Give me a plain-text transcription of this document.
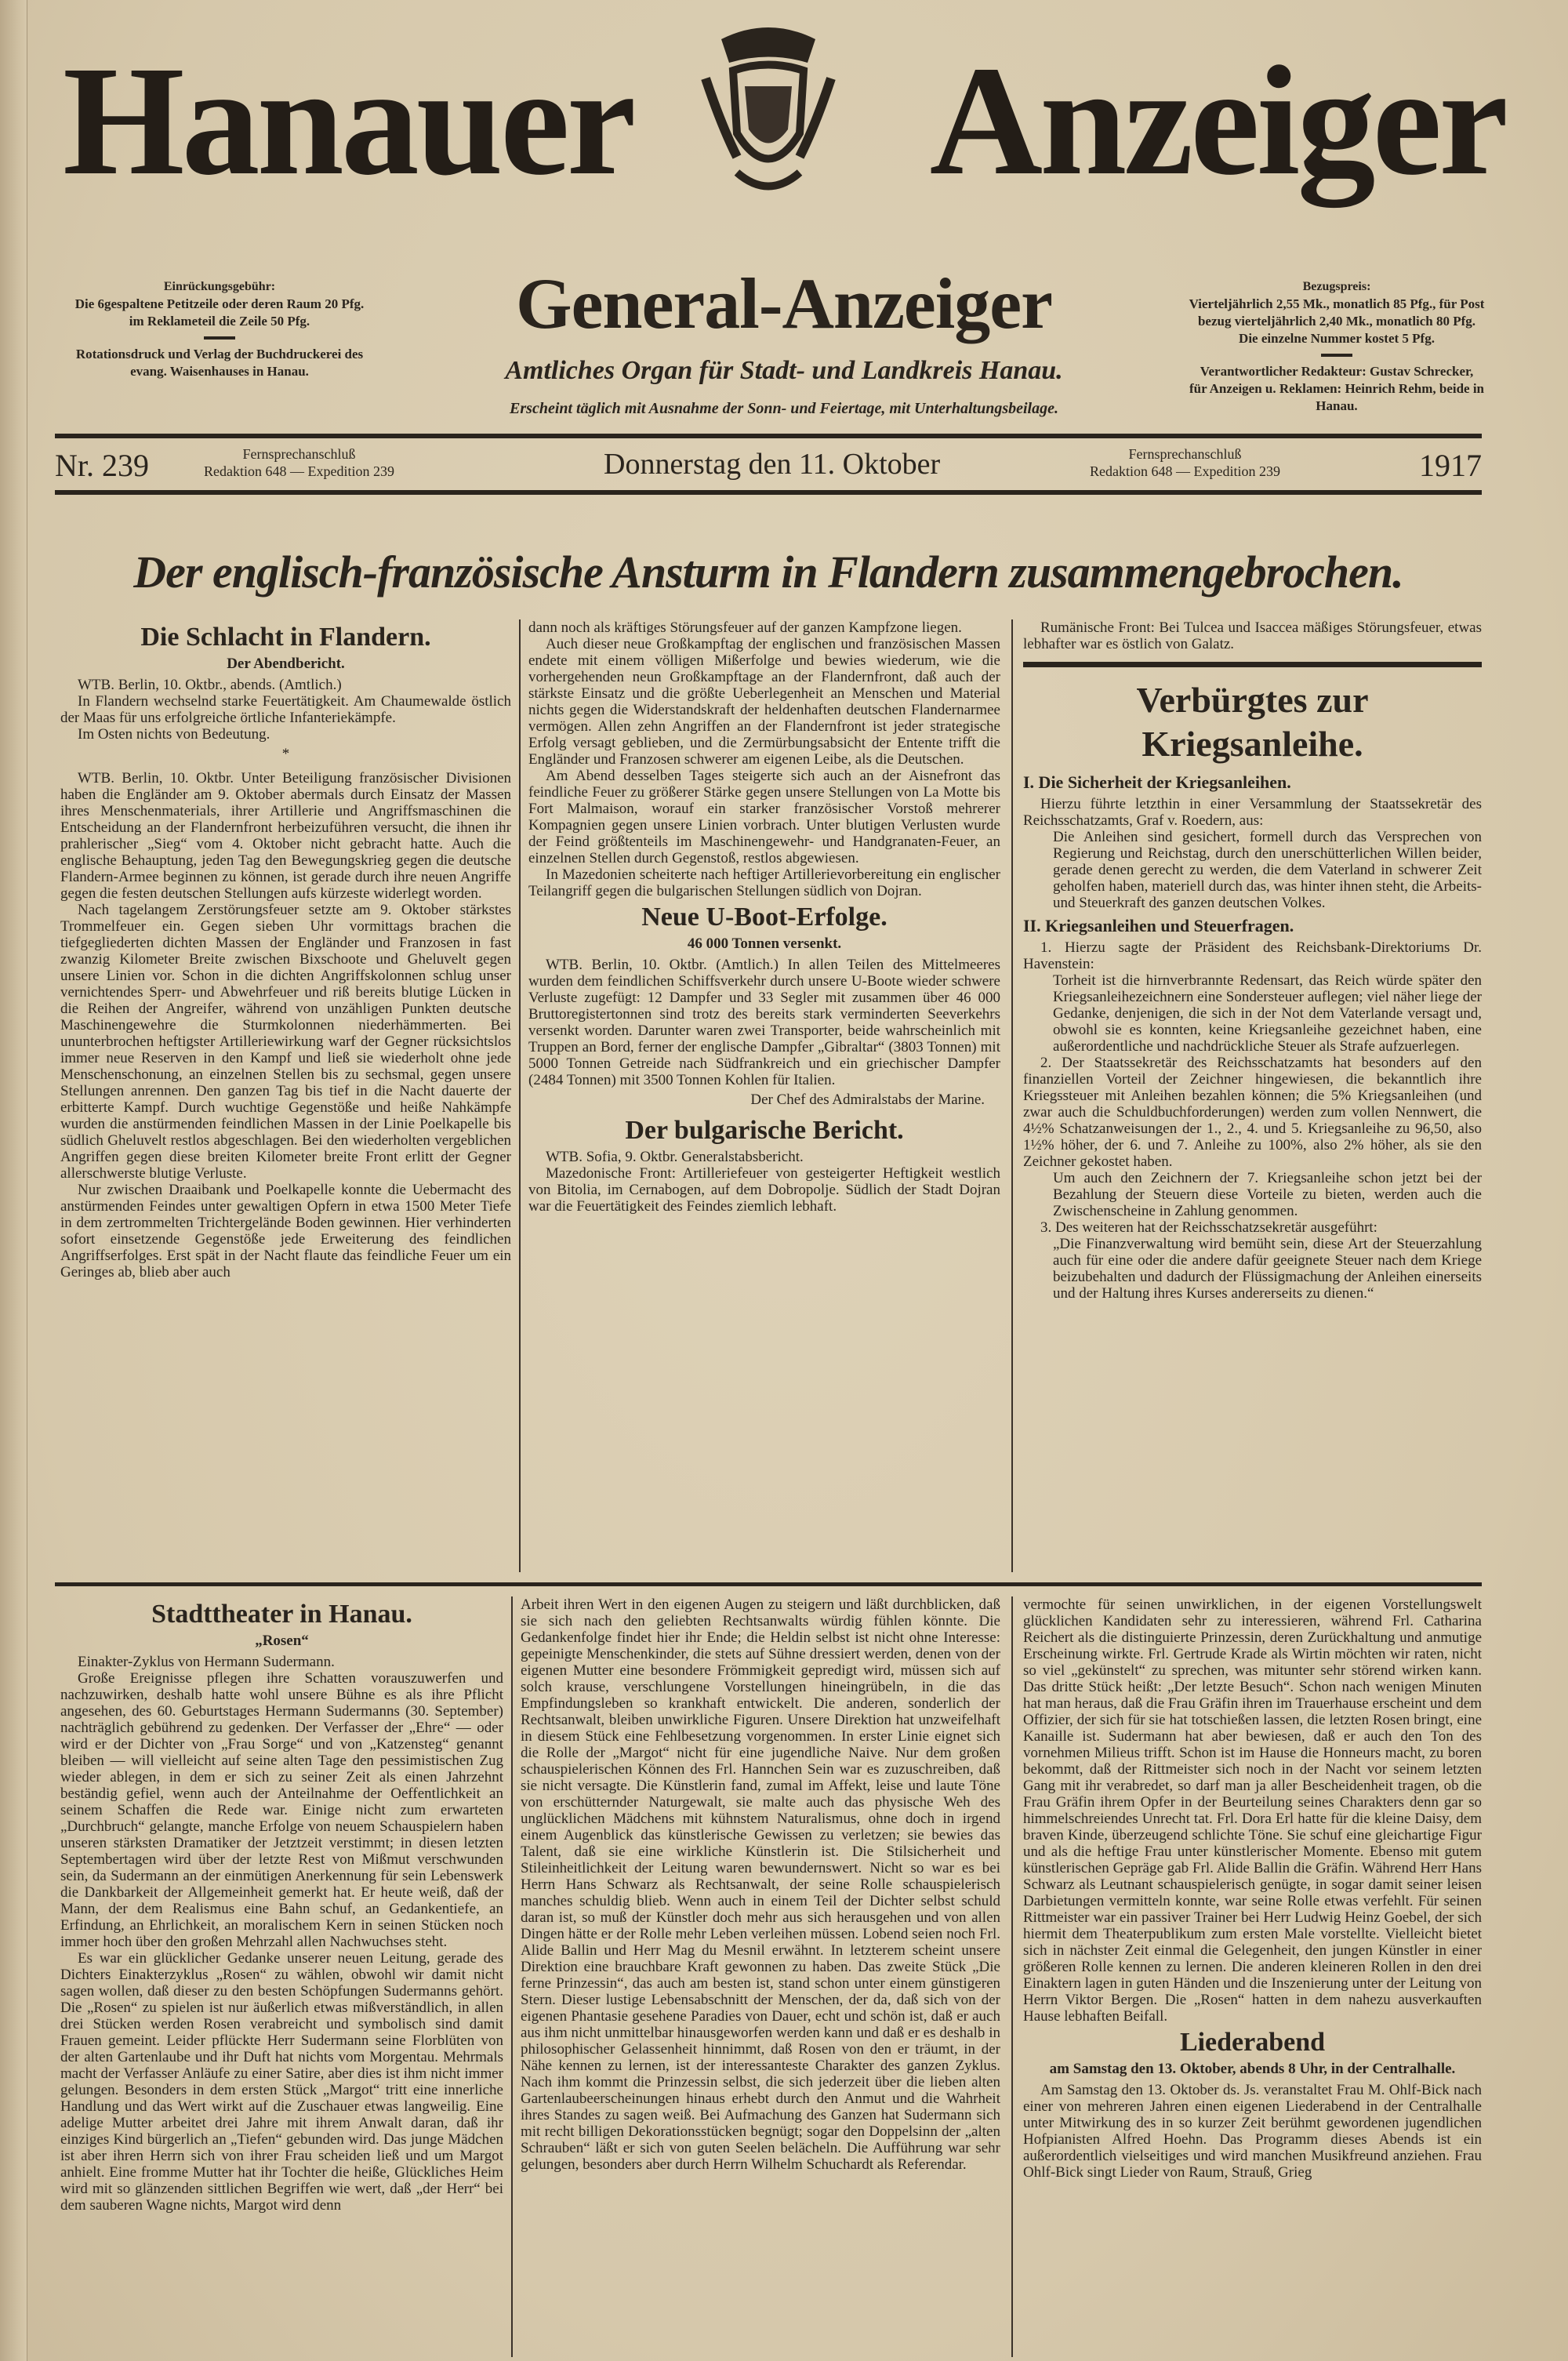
Hanauer Anzeiger
General-Anzeiger
Amtliches Organ für Stadt- und Landkreis Hanau.
Erscheint täglich mit Ausnahme der Sonn- und Feiertage, mit Unterhaltungsbeilage.
Einrückungsgebühr:
Die 6gespaltene Petitzeile oder deren Raum 20 Pfg.
im Reklameteil die Zeile 50 Pfg.
Rotationsdruck und Verlag der Buchdruckerei des
evang. Waisenhauses in Hanau.
Bezugspreis:
Vierteljährlich 2,55 Mk., monatlich 85 Pfg., für Post
bezug vierteljährlich 2,40 Mk., monatlich 80 Pfg.
Die einzelne Nummer kostet 5 Pfg.
Verantwortlicher Redakteur: Gustav Schrecker,
für Anzeigen u. Reklamen: Heinrich Rehm, beide in Hanau.
Nr. 239	Fernsprechanschluß
Redaktion 648 — Expedition 239	Donnerstag den 11. Oktober	Fernsprechanschluß
Redaktion 648 — Expedition 239	1917
Der englisch-französische Ansturm in Flandern zusammengebrochen.

Die Schlacht in Flandern.

Der Abendbericht.

WTB. Berlin, 10. Oktbr., abends. (Amtlich.)

In Flandern wechselnd starke Feuertätigkeit. Am Chaumewalde östlich der Maas für uns erfolgreiche örtliche Infanteriekämpfe.

Im Osten nichts von Bedeutung.

*

WTB. Berlin, 10. Oktbr. Unter Beteiligung französischer Divisionen haben die Engländer am 9. Oktober abermals durch Einsatz der Massen ihres Menschenmaterials, ihrer Artillerie und Angriffsmaschinen die Entscheidung an der Flandernfront herbeizuführen versucht, die ihnen ihr prahlerischer „Sieg“ vom 4. Oktober nicht gebracht hatte. Auch die englische Behauptung, jeden Tag den Bewegungskrieg gegen die deutsche Flandern-Armee beginnen zu können, ist gerade durch ihre neuen Angriffe gegen die festen deutschen Stellungen aufs kürzeste widerlegt worden.

Nach tagelangem Zerstörungsfeuer setzte am 9. Oktober stärkstes Trommelfeuer ein. Gegen sieben Uhr vormittags brachen die tiefgegliederten dichten Massen der Engländer und Franzosen in fast zwanzig Kilometer Breite zwischen Bixschoote und Gheluvelt gegen unsere Linien vor. Schon in die dichten Angriffskolonnen schlug unser vernichtendes Sperr- und Abwehrfeuer und riß bereits blutige Lücken in die Reihen der Angreifer, während von unzähligen Punkten deutsche Maschinengewehre die Sturmkolonnen niederhämmerten. Bei ununterbrochen heftigster Artilleriewirkung warf der Gegner rücksichtslos immer neue Reserven in den Kampf und ließ sie wiederholt ohne jede Menschenschonung, an einzelnen Stellen bis zu sechsmal, gegen unsere Stellungen anrennen. Den ganzen Tag bis tief in die Nacht dauerte der erbitterte Kampf. Durch wuchtige Gegenstöße und heiße Nahkämpfe wurden die anstürmenden feindlichen Massen in der Linie Poelkapelle bis südlich Gheluvelt restlos abgeschlagen. Bei den wiederholten vergeblichen Angriffen gegen diese breiten Kilometer breite Front erlitt der Gegner allerschwerste blutige Verluste.

Nur zwischen Draaibank und Poelkapelle konnte die Uebermacht des anstürmenden Feindes unter gewaltigen Opfern in etwa 1500 Meter Tiefe in dem zertrommelten Trichtergelände Boden gewinnen. Hier verhinderten sofort einsetzende Gegenstöße jede Erweiterung des feindlichen Angriffserfolges. Erst spät in der Nacht flaute das feindliche Feuer um ein Geringes ab, blieb aber auch

dann noch als kräftiges Störungsfeuer auf der ganzen Kampfzone liegen.

Auch dieser neue Großkampftag der englischen und französischen Massen endete mit einem völligen Mißerfolge und bewies wiederum, wie die vorhergehenden neun Großkampftage an der Flandernfront, daß auch der stärkste Einsatz und die größte Ueberlegenheit an Menschen und Material nichts gegen die Widerstandskraft der heldenhaften deutschen Flandernarmee vermögen. Allen zehn Angriffen an der Flandernfront ist jeder strategische Erfolg versagt geblieben, und die Zermürbungsabsicht der Entente trifft die Engländer und Franzosen schwerer am eigenen Leibe, als die Deutschen.

Am Abend desselben Tages steigerte sich auch an der Aisnefront das feindliche Feuer zu größerer Stärke gegen unsere Stellungen von La Motte bis Fort Malmaison, worauf ein starker französischer Vorstoß mehrerer Kompagnien gegen unsere Linien vorbrach. Unter blutigen Verlusten wurde der Feind größtenteils im Maschinengewehr- und Handgranaten-Feuer, an einzelnen Stellen durch Gegenstoß, restlos abgewiesen.

In Mazedonien scheiterte nach heftiger Artillerievorbereitung ein englischer Teilangriff gegen die bulgarischen Stellungen südlich von Dojran.

Neue U-Boot-Erfolge.

46 000 Tonnen versenkt.

WTB. Berlin, 10. Oktbr. (Amtlich.) In allen Teilen des Mittelmeeres wurden dem feindlichen Schiffsverkehr durch unsere U-Boote wieder schwere Verluste zugefügt: 12 Dampfer und 33 Segler mit zusammen über 46 000 Bruttoregistertonnen sind trotz des bereits stark verminderten Seeverkehrs versenkt worden. Darunter waren zwei Transporter, beide wahrscheinlich mit Truppen an Bord, ferner der englische Dampfer „Gibraltar“ (3803 Tonnen) mit 5000 Tonnen Getreide nach Südfrankreich und ein griechischer Dampfer (2484 Tonnen) mit 3500 Tonnen Kohlen für Italien.

Der Chef des Admiralstabs der Marine.

Der bulgarische Bericht.

WTB. Sofia, 9. Oktbr. Generalstabsbericht.

Mazedonische Front: Artilleriefeuer von gesteigerter Heftigkeit westlich von Bitolia, im Cernabogen, auf dem Dobropolje. Südlich der Stadt Dojran war die Feuertätigkeit des Feindes ziemlich lebhaft.

Rumänische Front: Bei Tulcea und Isaccea mäßiges Störungsfeuer, etwas lebhafter war es östlich von Galatz.

Verbürgtes zur Kriegsanleihe.

I. Die Sicherheit der Kriegsanleihen.

Hierzu führte letzthin in einer Versammlung der Staatssekretär des Reichsschatzamts, Graf v. Roedern, aus:

Die Anleihen sind gesichert, formell durch das Versprechen von Regierung und Reichstag, durch den unerschütterlichen Willen beider, gerade denen gerecht zu werden, die dem Vaterland in schwerer Zeit geholfen haben, materiell durch das, was hinter ihnen steht, die Arbeits- und Steuerkraft des ganzen deutschen Volkes.

II. Kriegsanleihen und Steuerfragen.

1. Hierzu sagte der Präsident des Reichsbank-Direktoriums Dr. Havenstein:

Torheit ist die hirnverbrannte Redensart, das Reich würde später den Kriegsanleihezeichnern eine Sondersteuer auflegen; viel näher liege der Gedanke, denjenigen, die sich in der Not dem Vaterlande versagt und, obwohl sie es konnten, keine Kriegsanleihe gezeichnet haben, eine außerordentliche und nachdrückliche Steuer als Strafe aufzuerlegen.

2. Der Staatssekretär des Reichsschatzamts hat besonders auf den finanziellen Vorteil der Zeichner hingewiesen, die bekanntlich ihre Kriegssteuer mit Anleihen bezahlen können; die 5% Kriegsanleihen (und zwar auch die Schuldbuchforderungen) werden zum vollen Nennwert, die 4½% Schatzanweisungen der 1., 2., 4. und 5. Kriegsanleihe zu 96,50, also 1½% höher, der 6. und 7. Anleihe zu 100%, also 2% höher, als sie den Zeichner gekostet haben.

Um auch den Zeichnern der 7. Kriegsanleihe schon jetzt bei der Bezahlung der Steuern diese Vorteile zu bieten, werden auch die Zwischenscheine in Zahlung genommen.

3. Des weiteren hat der Reichsschatzsekretär ausgeführt:

„Die Finanzverwaltung wird bemüht sein, diese Art der Steuerzahlung auch für eine oder die andere dafür geeignete Steuer nach dem Kriege beizubehalten und dadurch der Flüssigmachung der Anleihen einerseits und der Haltung ihres Kurses andererseits zu dienen.“

Stadttheater in Hanau.

„Rosen“

Einakter-Zyklus von Hermann Sudermann.

Große Ereignisse pflegen ihre Schatten vorauszuwerfen und nachzuwirken, deshalb hatte wohl unsere Bühne es als ihre Pflicht angesehen, des 60. Geburtstages Hermann Sudermanns (30. September) nachträglich gebührend zu gedenken. Der Verfasser der „Ehre“ — oder wird er der Dichter von „Frau Sorge“ und von „Katzensteg“ genannt bleiben — will vielleicht auf seine alten Tage den pessimistischen Zug wieder ablegen, in dem er sich zu seiner Zeit als einen Jahrzehnt beständig gefiel, wenn auch der Anteilnahme der Oeffentlichkeit an seinem Schaffen die Rede war. Einige nicht zum erwarteten „Durchbruch“ gelangte, manche Erfolge von neuem Schauspielern haben unseren stärksten Dramatiker der Jetztzeit verstimmt; in diesen letzten Septembertagen wird über der letzte Rest von Mißmut verschwunden sein, da Sudermann an der einmütigen Anerkennung für sein Lebenswerk die Dankbarkeit der Allgemeinheit gemerkt hat. Er heute weiß, daß der Mann, der dem Realismus eine Bahn schuf, an Gedankentiefe, an Erfindung, an Ehrlichkeit, an moralischem Kern in seinen Stücken noch immer hoch über den großen Mehrzahl allen Nachwuchses steht.

Es war ein glücklicher Gedanke unserer neuen Leitung, gerade des Dichters Einakterzyklus „Rosen“ zu wählen, obwohl wir damit nicht sagen wollen, daß dieser zu den besten Schöpfungen Sudermanns gehört. Die „Rosen“ zu spielen ist nur äußerlich etwas mißverständlich, in allen drei Stücken werden Rosen verabreicht und symbolisch sind damit Frauen gemeint. Leider pflückte Herr Sudermann seine Florblüten von der alten Gartenlaube und ihr Duft hat nichts vom Morgentau. Mehrmals macht der Verfasser Anläufe zu einer Satire, aber dies ist ihm nicht immer gelungen. Besonders in dem ersten Stück „Margot“ tritt eine innerliche Handlung und das Wert wirkt auf die Zuschauer etwas langweilig. Eine adelige Mutter arbeitet drei Jahre mit ihrem Anwalt daran, daß ihr einziges Kind bürgerlich an „Tiefen“ gebunden wird. Das junge Mädchen ist aber ihren Herrn sich von ihrer Frau scheiden ließ und um Margot anhielt. Eine fromme Mutter hat ihr Tochter die heiße, Glückliches Heim wird mit so glänzenden sittlichen Begriffen wie wert, daß „der Herr“ bei dem sauberen Wagne nichts, Margot wird denn

Arbeit ihren Wert in den eigenen Augen zu steigern und läßt durchblicken, daß sie sich nach den geliebten Rechtsanwalts würdig fühlen könnte. Die Gedankenfolge findet hier ihr Ende; die Heldin selbst ist nicht ohne Interesse: gepeinigte Menschenkinder, die stets auf Sühne dressiert werden, denen von der eigenen Mutter eine besondere Frömmigkeit gepredigt wird, müssen sich auf solch krause, verschlungene Vorstellungen hineingrübeln, in die das Empfindungsleben so krankhaft entwickelt. Die anderen, sonderlich der Rechtsanwalt, bleiben unwirkliche Figuren. Unsere Direktion hat unzweifelhaft in diesem Stück eine Fehlbesetzung vorgenommen. In erster Linie eignet sich die Rolle der „Margot“ nicht für eine jugendliche Naive. Nur dem großen schauspielerischen Können des Frl. Hannchen Sein war es zuzuschreiben, daß sie nicht versagte. Die Künstlerin fand, zumal im Affekt, leise und laute Töne von erschütternder Naturgewalt, sie malte auch das physische Weh des unglücklichen Mädchens mit kühnstem Naturalismus, ohne doch in irgend einem Augenblick das künstlerische Gewissen zu verletzen; sie bewies das Talent, daß sie eine wirkliche Künstlerin ist. Die Stilsicherheit und Stileinheitlichkeit der Leitung waren bewundernswert. Nicht so war es bei Herrn Hans Schwarz als Rechtsanwalt, der seine Rolle schauspielerisch manches schuldig blieb. Wenn auch in einem Teil der Dichter selbst schuld daran ist, so muß der Künstler doch mehr aus sich herausgehen und von allen Dingen hätte er der Rolle mehr Leben verleihen müssen. Lobend seien noch Frl. Alide Ballin und Herr Mag du Mesnil erwähnt. In letzterem scheint unsere Direktion eine brauchbare Kraft gewonnen zu haben. Das zweite Stück „Die ferne Prinzessin“, das auch am besten ist, stand schon unter einem günstigeren Stern. Dieser lustige Lebensabschnitt der Menschen, der da, daß sich von der eigenen Phantasie gesehene Paradies von Dauer, echt und schön ist, daß er auch aus ihm nicht unmittelbar hinausgeworfen werden kann und daß er es deshalb in philosophischer Gelassenheit hinnimmt, daß Rosen von den er träumt, in der Nähe kennen zu lernen, ist der interessanteste Charakter des ganzen Zyklus. Nach ihm kommt die Prinzessin selbst, die sich jederzeit über die lieben alten Gartenlaubeerscheinungen hinaus erhebt durch den Anmut und die Wahrheit ihres Standes zu sagen weiß. Bei Aufmachung des Ganzen hat Sudermann sich mit recht billigen Dekorationsstücken begnügt; sogar den Doppelsinn der „alten Schrauben“ läßt er sich von guten Seelen belächeln. Die Aufführung war sehr gelungen, besonders aber durch Herrn Wilhelm Schuchardt als Referendar.

vermochte für seinen unwirklichen, in der eigenen Vorstellungswelt glücklichen Kandidaten sehr zu interessieren, während Frl. Catharina Reichert als die distinguierte Prinzessin, deren Zurückhaltung und anmutige Erscheinung wirkte. Frl. Gertrude Krade als Wirtin möchten wir raten, nicht so viel „gekünstelt“ zu sprechen, was mitunter sehr störend wirken kann. Das dritte Stück heißt: „Der letzte Besuch“. Schon nach wenigen Minuten hat man heraus, daß die Frau Gräfin ihren im Trauerhause erscheint und dem Offizier, der sich für sie hat totschießen lassen, die letzten Rosen bringt, eine Kanaille ist. Sudermann hat aber bewiesen, daß er auch den Ton des vornehmen Milieus trifft. Schon ist im Hause die Honneurs macht, zu boren bekommt, daß der Rittmeister sich noch in der Nacht vor seinem letzten Gang mit ihr verabredet, so darf man ja aller Bescheidenheit tragen, ob die Frau Gräfin ihrem Opfer in der Beurteilung seines Charakters denn gar so himmelschreiendes Unrecht tat. Frl. Dora Erl hatte für die kleine Daisy, dem braven Kinde, überzeugend schlichte Töne. Sie schuf eine gleichartige Figur und als die heftige Frau unter künstlerischer Momente. Ebenso mit gutem künstlerischen Gepräge gab Frl. Alide Ballin die Gräfin. Während Herr Hans Schwarz als Leutnant schauspielerisch genügte, in sogar damit seiner leisen Darbietungen vermitteln konnte, war seine Rolle etwas verfehlt. Für seinen Rittmeister war ein passiver Trainer bei Herr Ludwig Heinz Goebel, der sich hiermit dem Theaterpublikum zum ersten Male vorstellte. Vielleicht bietet sich in nächster Zeit einmal die Gelegenheit, den jungen Künstler in einer größeren Rolle kennen zu lernen. Die anderen kleineren Rollen in den drei Einaktern lagen in guten Händen und die Inszenierung unter der Leitung von Herrn Viktor Bergen. Die „Rosen“ hatten in dem nahezu ausverkauften Hause lebhaften Beifall.

Liederabend

am Samstag den 13. Oktober, abends 8 Uhr, in der Centralhalle.

Am Samstag den 13. Oktober ds. Js. veranstaltet Frau M. Ohlf-Bick nach einer von mehreren Jahren einen eigenen Liederabend in der Centralhalle unter Mitwirkung des in so kurzer Zeit berühmt gewordenen jugendlichen Hofpianisten Alfred Hoehn. Das Programm dieses Abends ist ein außerordentlich vielseitiges und wird manchen Musikfreund anziehen. Frau Ohlf-Bick singt Lieder von Raum, Strauß, Grieg
